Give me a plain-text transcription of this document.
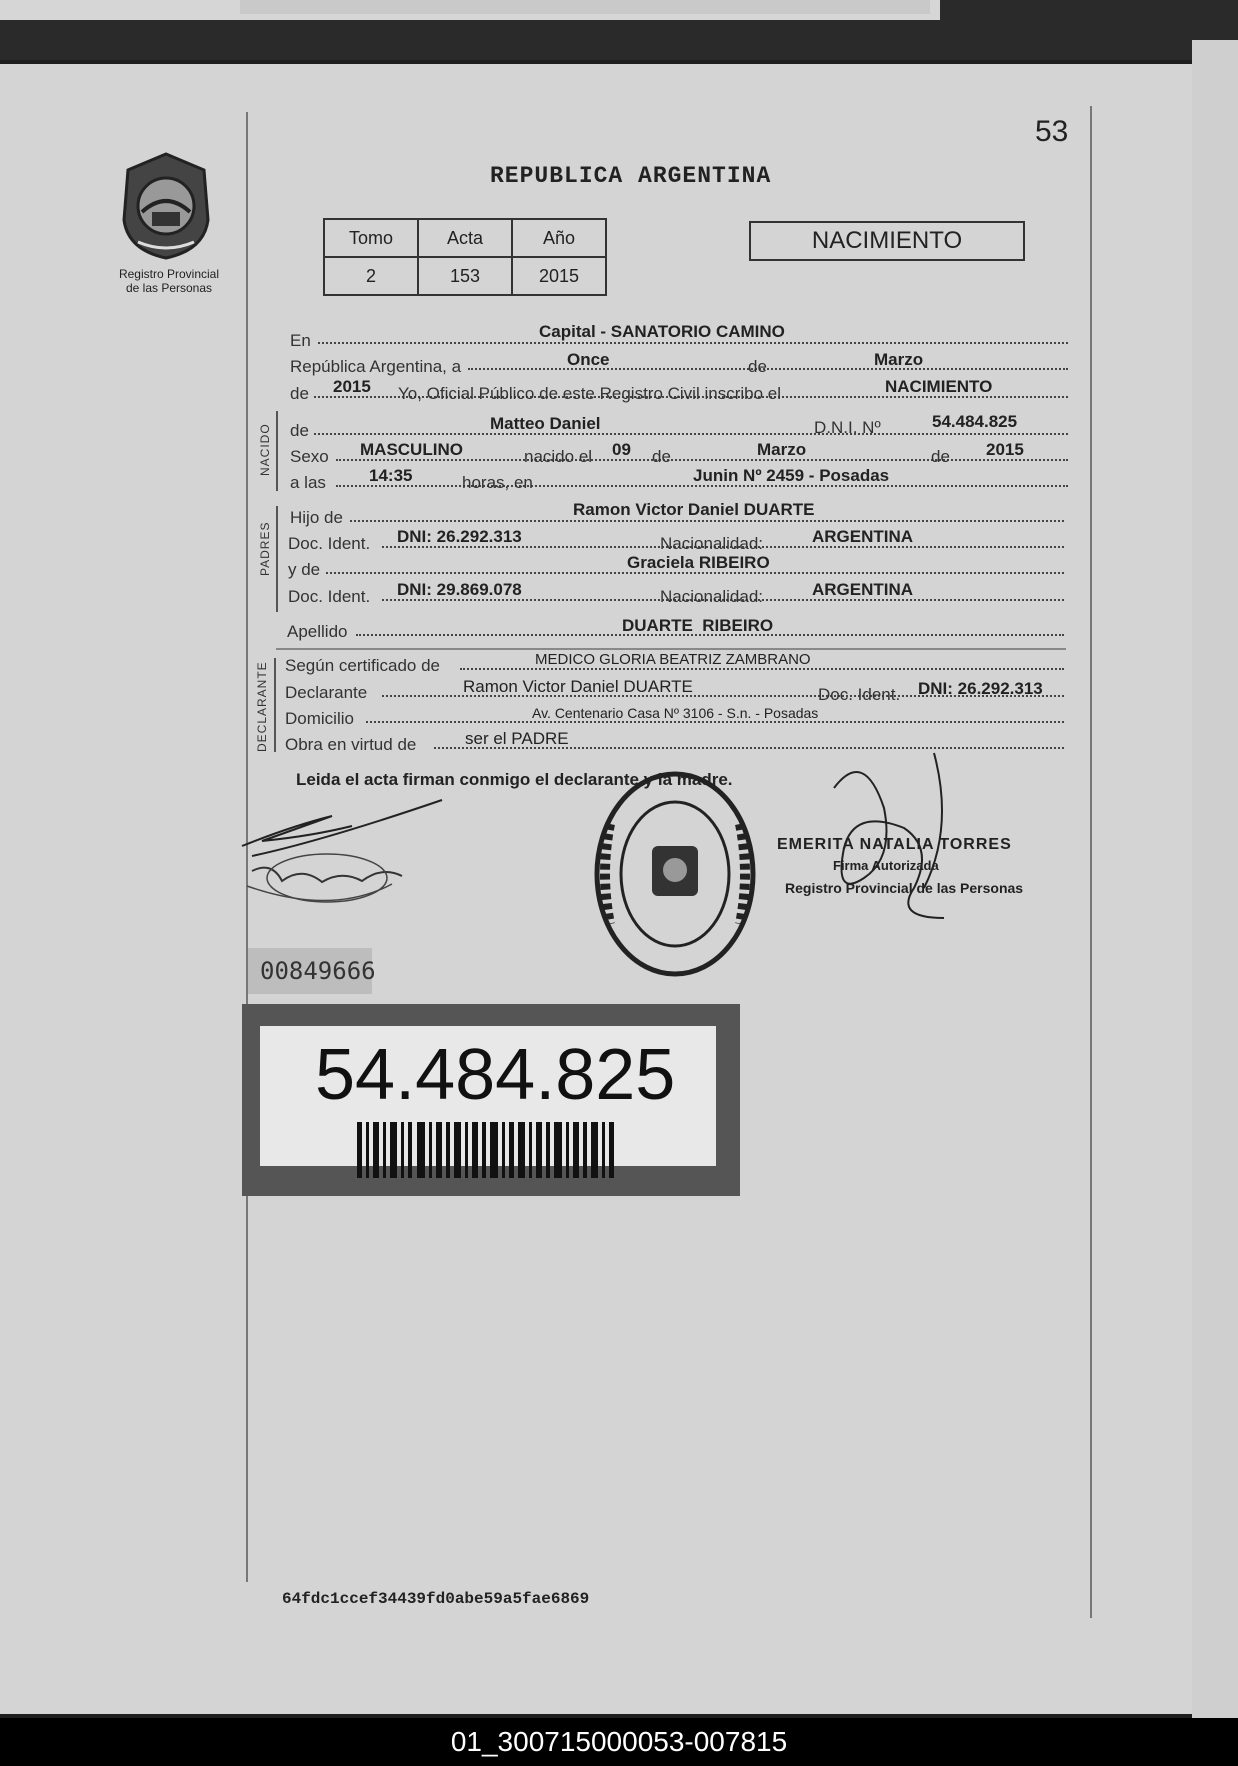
53
Registro Provincial
de las Personas
REPUBLICA ARGENTINA
Tomo	Acta	Año
2	153	2015
NACIMIENTO
En	Capital - SANATORIO CAMINO
República Argentina, a	Once	de	Marzo
de 2015 Yo, Oficial Público de este Registro Civil inscribo el	NACIMIENTO
NACIDO de	Matteo Daniel	D.N.I. Nº	54.484.825
Sexo MASCULINO	nacido el 09 de	Marzo	de 2015
a las	14:35	horas, en	Junin Nº 2459 - Posadas
PADRES
Hijo de	Ramon Victor Daniel DUARTE
Doc. Ident. DNI: 26.292.313	Nacionalidad:	ARGENTINA
y de	Graciela RIBEIRO
Doc. Ident. DNI: 29.869.078	Nacionalidad:	ARGENTINA
Apellido	DUARTE  RIBEIRO
DECLARANTE Según certificado de	MEDICO GLORIA BEATRIZ ZAMBRANO
Declarante	Ramon Victor Daniel DUARTE	Doc. Ident. DNI: 26.292.313
Domicilio	Av. Centenario Casa Nº 3106 - S.n. - Posadas
Obra en virtud de	ser el PADRE
Leida el acta firman conmigo el declarante y la madre.
EMERITA NATALIA TORRES
Firma Autorizada
Registro Provincial de las Personas
00849666
54.484.825
64fdc1ccef34439fd0abe59a5fae6869
01_300715000053-007815
